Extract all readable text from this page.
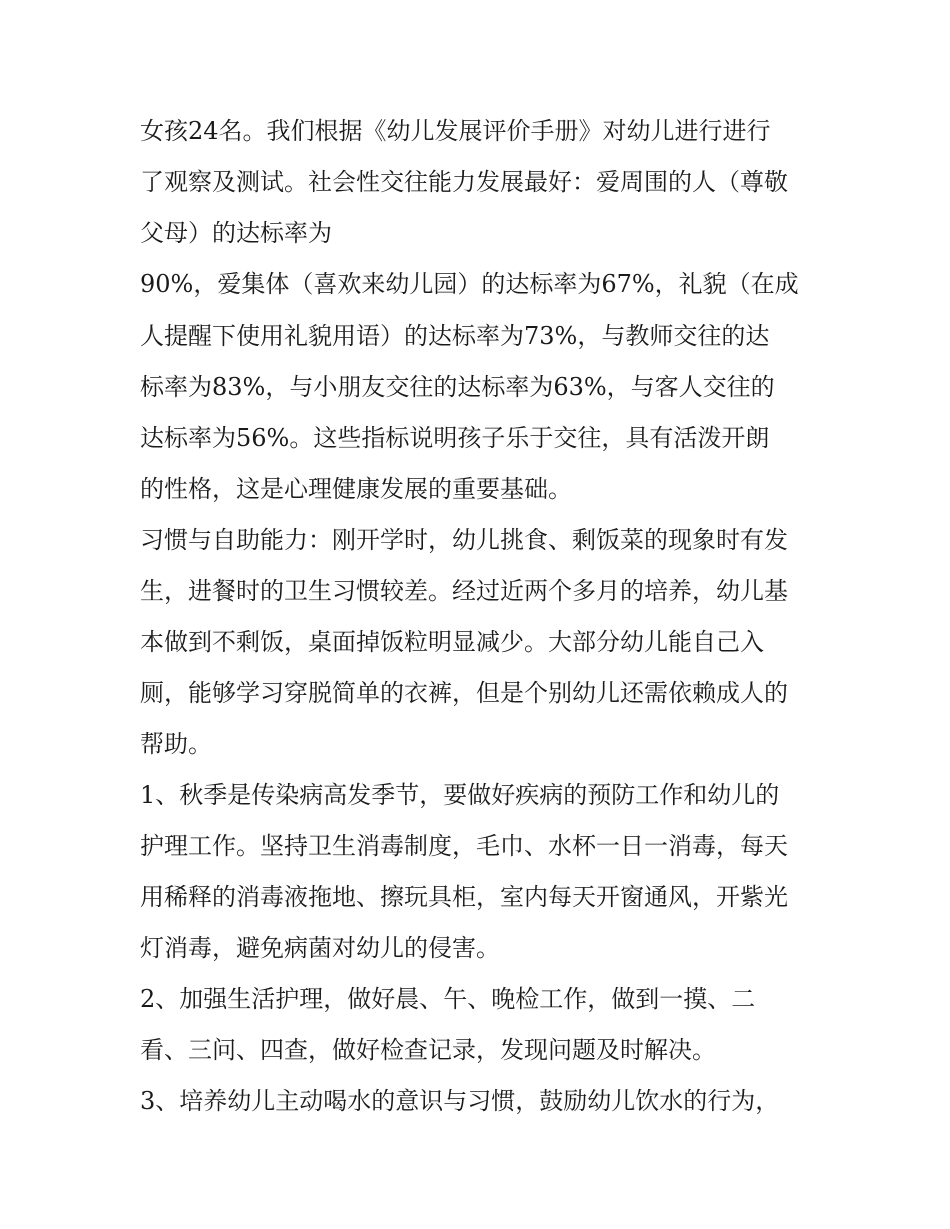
女孩24名。我们根据《幼儿发展评价手册》对幼儿进行进行
了观察及测试。社会性交往能力发展最好：爱周围的人（尊敬
父母）的达标率为
90%，爱集体（喜欢来幼儿园）的达标率为67%，礼貌（在成
人提醒下使用礼貌用语）的达标率为73%，与教师交往的达
标率为83%，与小朋友交往的达标率为63%，与客人交往的
达标率为56%。这些指标说明孩子乐于交往，具有活泼开朗
的性格，这是心理健康发展的重要基础。
习惯与自助能力：刚开学时，幼儿挑食、剩饭菜的现象时有发
生，进餐时的卫生习惯较差。经过近两个多月的培养，幼儿基
本做到不剩饭，桌面掉饭粒明显减少。大部分幼儿能自己入
厕，能够学习穿脱简单的衣裤，但是个别幼儿还需依赖成人的
帮助。
1、秋季是传染病高发季节，要做好疾病的预防工作和幼儿的
护理工作。坚持卫生消毒制度，毛巾、水杯一日一消毒，每天
用稀释的消毒液拖地、擦玩具柜，室内每天开窗通风，开紫光
灯消毒，避免病菌对幼儿的侵害。
2、加强生活护理，做好晨、午、晚检工作，做到一摸、二
看、三问、四查，做好检查记录，发现问题及时解决。
3、培养幼儿主动喝水的意识与习惯，鼓励幼儿饮水的行为，
